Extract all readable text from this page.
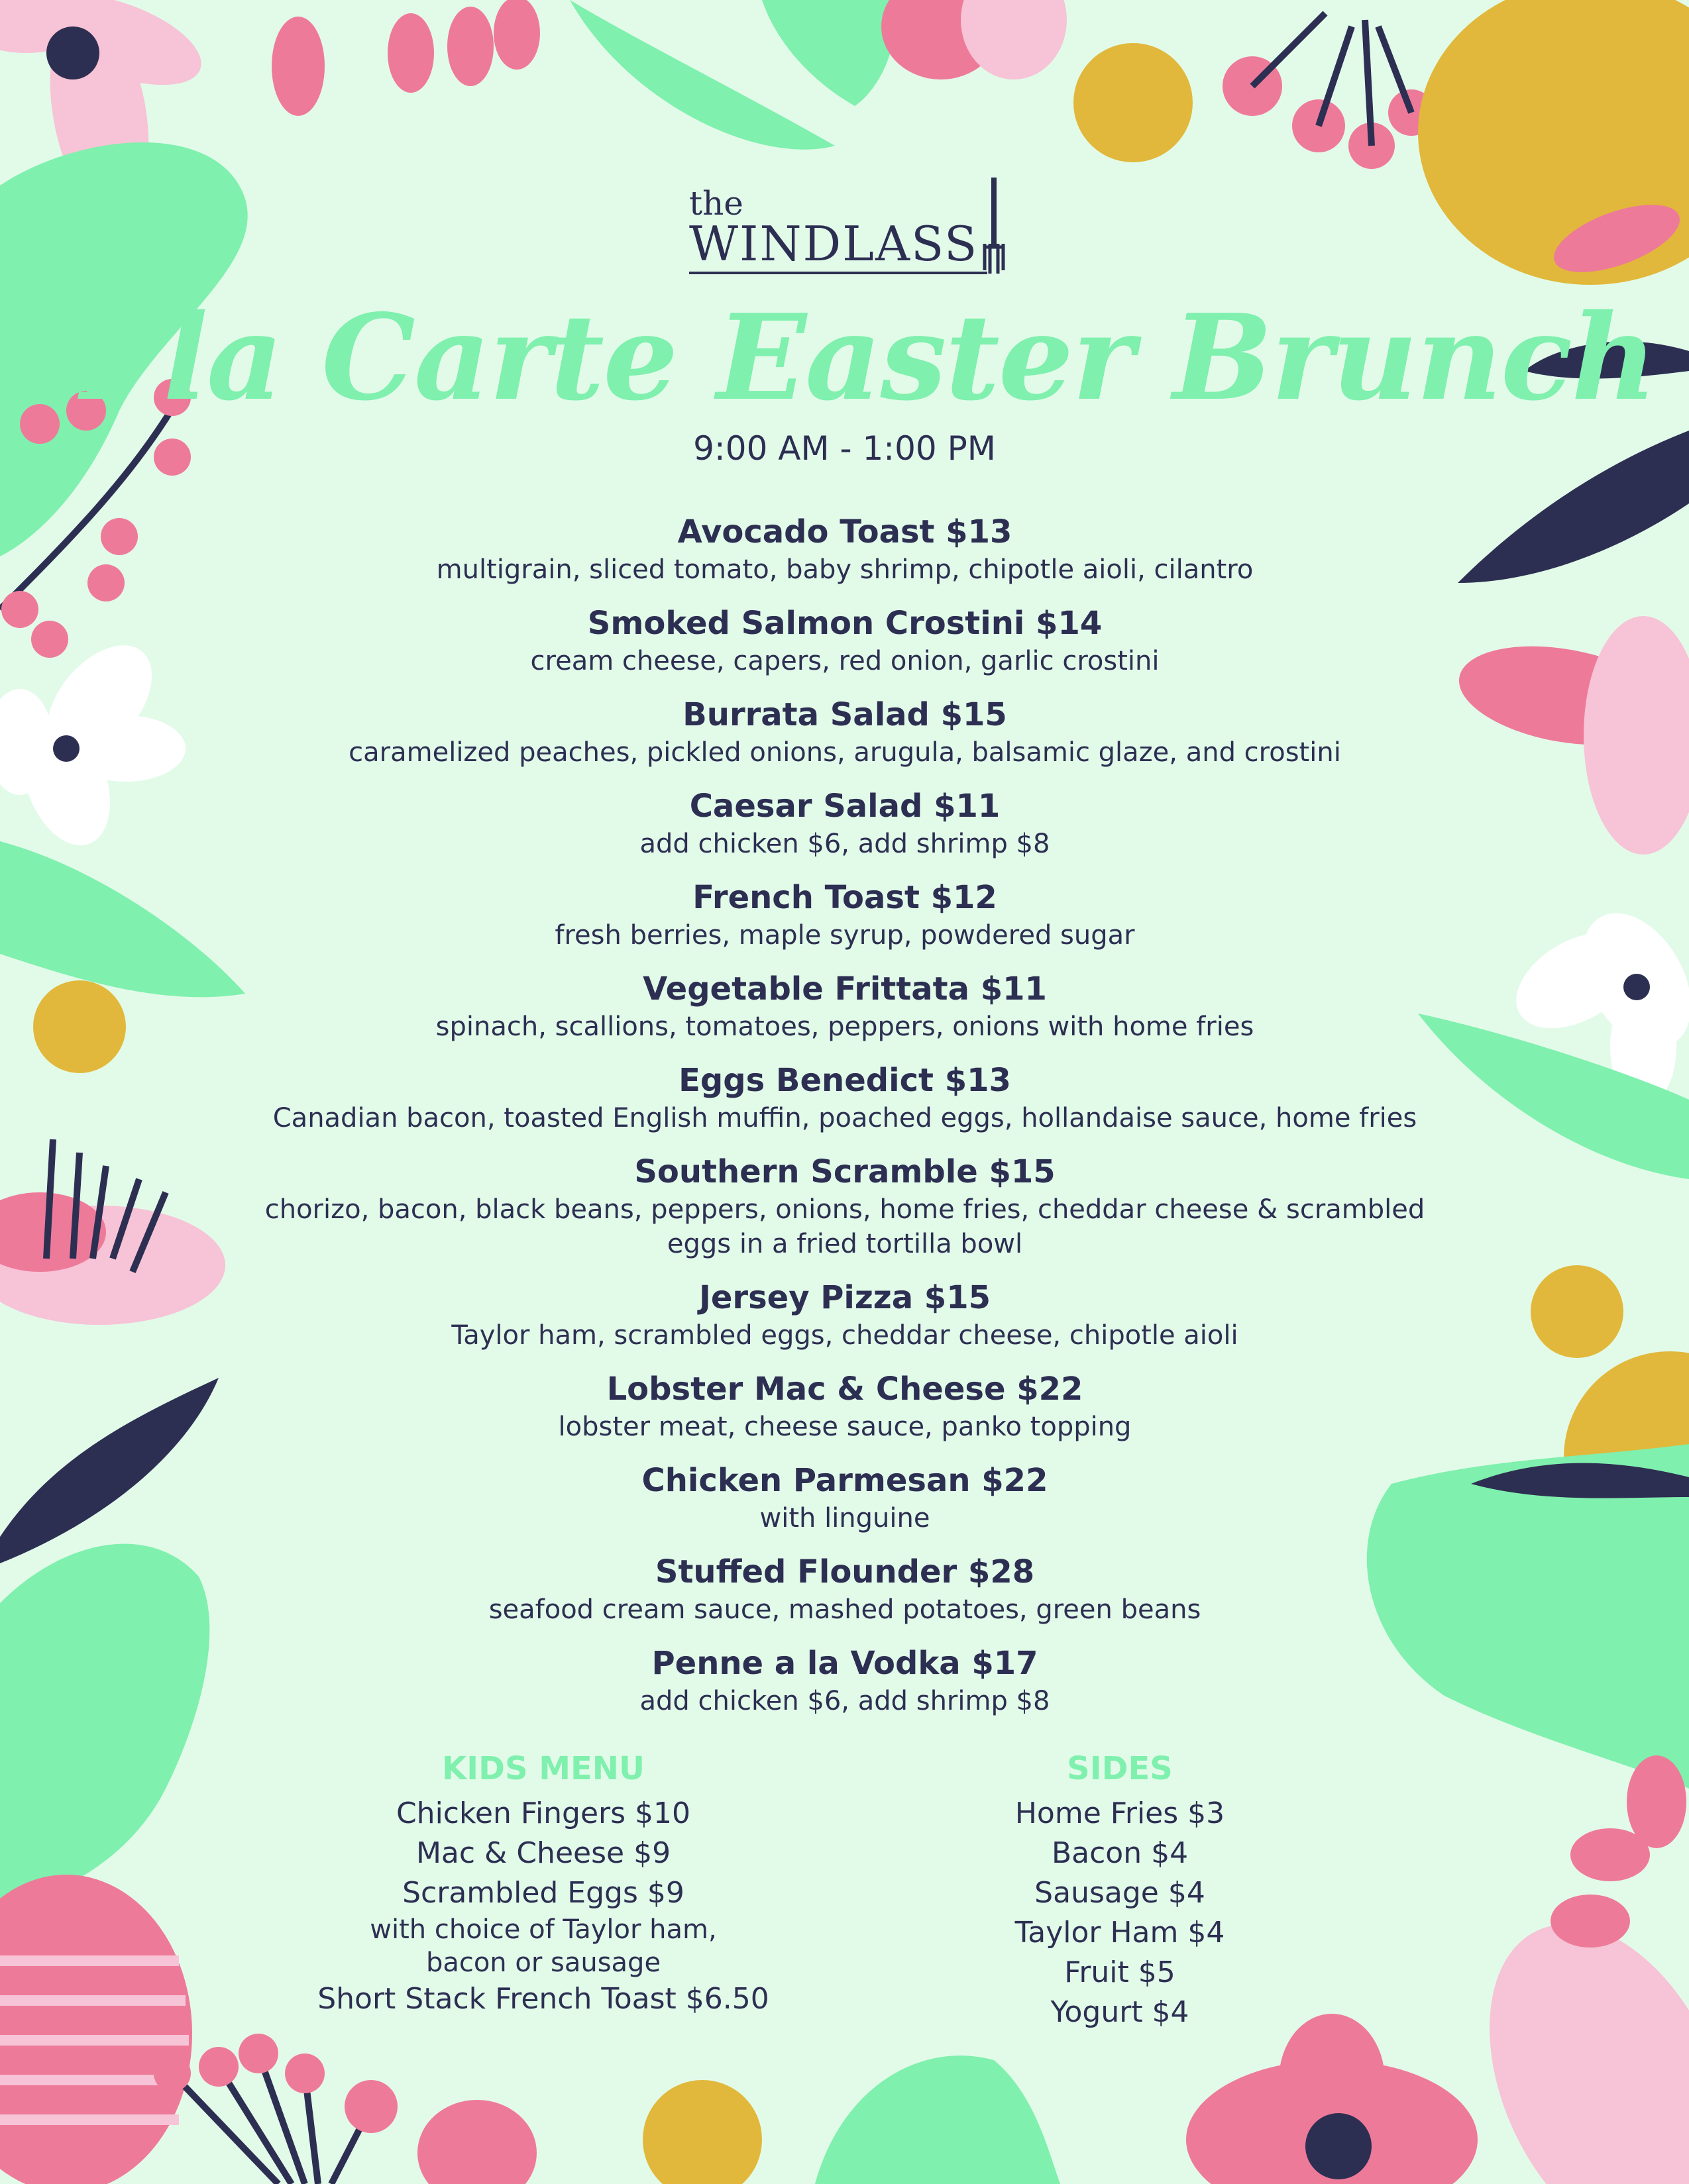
the
WINDLASS
A la Carte Easter Brunch
9:00 AM - 1:00 PM
Avocado Toast $13
multigrain, sliced tomato, baby shrimp, chipotle aioli, cilantro
Smoked Salmon Crostini $14
cream cheese, capers, red onion, garlic crostini
Burrata Salad $15
caramelized peaches, pickled onions, arugula, balsamic glaze, and crostini
Caesar Salad $11
add chicken $6, add shrimp $8
French Toast $12
fresh berries, maple syrup, powdered sugar
Vegetable Frittata $11
spinach, scallions, tomatoes, peppers, onions with home fries
Eggs Benedict $13
Canadian bacon, toasted English muffin, poached eggs, hollandaise sauce, home fries
Southern Scramble $15
chorizo, bacon, black beans, peppers, onions, home fries, cheddar cheese & scrambled eggs in a fried tortilla bowl
Jersey Pizza $15
Taylor ham, scrambled eggs, cheddar cheese, chipotle aioli
Lobster Mac & Cheese $22
lobster meat, cheese sauce, panko topping
Chicken Parmesan $22
with linguine
Stuffed Flounder $28
seafood cream sauce, mashed potatoes, green beans
Penne a la Vodka $17
add chicken $6, add shrimp $8
KIDS MENU
Chicken Fingers $10
Mac & Cheese $9
Scrambled Eggs $9
with choice of Taylor ham,
bacon or sausage
Short Stack French Toast $6.50
SIDES
Home Fries $3
Bacon $4
Sausage $4
Taylor Ham $4
Fruit $5
Yogurt $4
